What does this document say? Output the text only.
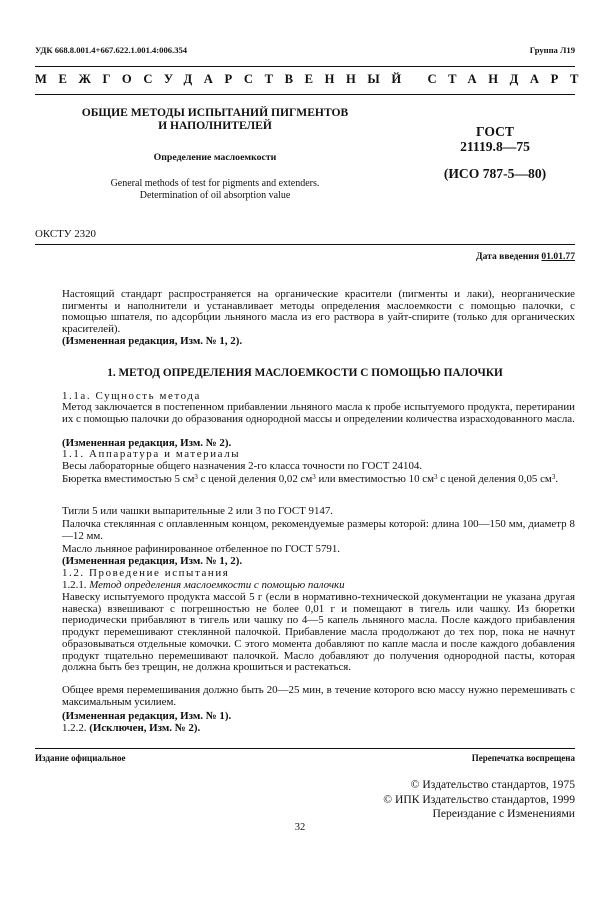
УДК 668.8.001.4+667.622.1.001.4:006.354	Группа Л19
МЕЖГОСУДАРСТВЕННЫЙ СТАНДАРТ
ОБЩИЕ МЕТОДЫ ИСПЫТАНИЙ ПИГМЕНТОВ
И НАПОЛНИТЕЛЕЙ
Определение маслоемкости
General methods of test for pigments and extenders.
Determination of oil absorption value
ГОСТ
21119.8—75
(ИСО 787-5—80)
ОКСТУ 2320
Дата введения 01.01.77
Настоящий стандарт распространяется на органические красители (пигменты и лаки), неорганические пигменты и наполнители и устанавливает методы определения маслоемкости с помощью палочки, с помощью шпателя, по адсорбции льняного масла из его раствора в уайт-спирите (только для органических красителей).
(Измененная редакция, Изм. № 1, 2).
1. МЕТОД ОПРЕДЕЛЕНИЯ МАСЛОЕМКОСТИ С ПОМОЩЬЮ ПАЛОЧКИ
1.1а. Сущность метода
Метод заключается в постепенном прибавлении льняного масла к пробе испытуемого продукта, перетирании их с помощью палочки до образования однородной массы и определении количества израсходованного масла.
(Измененная редакция, Изм. № 2).
1.1. Аппаратура и материалы
Весы лабораторные общего назначения 2-го класса точности по ГОСТ 24104.
Бюретка вместимостью 5 $см^3$ с ценой деления 0,02 $см^3$ или вместимостью 10 $см^3$ с ценой деления 0,05 $см^3$.
Тигли 5 или чашки выпарительные 2 или 3 по ГОСТ 9147.
Палочка стеклянная с оплавленным концом, рекомендуемые размеры которой: длина 100—150 мм, диаметр 8—12 мм.
Масло льняное рафинированное отбеленное по ГОСТ 5791.
(Измененная редакция, Изм. № 1, 2).
1.2. Проведение испытания
1.2.1. Метод определения маслоемкости с помощью палочки
Навеску испытуемого продукта массой 5 г (если в нормативно-технической документации не указана другая навеска) взвешивают с погрешностью не более 0,01 г и помещают в тигель или чашку. Из бюретки периодически прибавляют в тигель или чашку по 4—5 капель льняного масла. После каждого прибавления продукт перемешивают стеклянной палочкой. Прибавление масла продолжают до тех пор, пока не начнут образовываться отдельные комочки. С этого момента добавляют по капле масла и после каждого добавления продукт тщательно перемешивают палочкой. Масло добавляют до получения однородной пасты, которая должна быть без трещин, не должна крошиться и растекаться.
Общее время перемешивания должно быть 20—25 мин, в течение которого всю массу нужно перемешивать с максимальным усилием.
(Измененная редакция, Изм. № 1).
1.2.2. (Исключен, Изм. № 2).
Издание официальное	Перепечатка воспрещена
© Издательство стандартов, 1975
© ИПК Издательство стандартов, 1999
Переиздание с Изменениями
32
